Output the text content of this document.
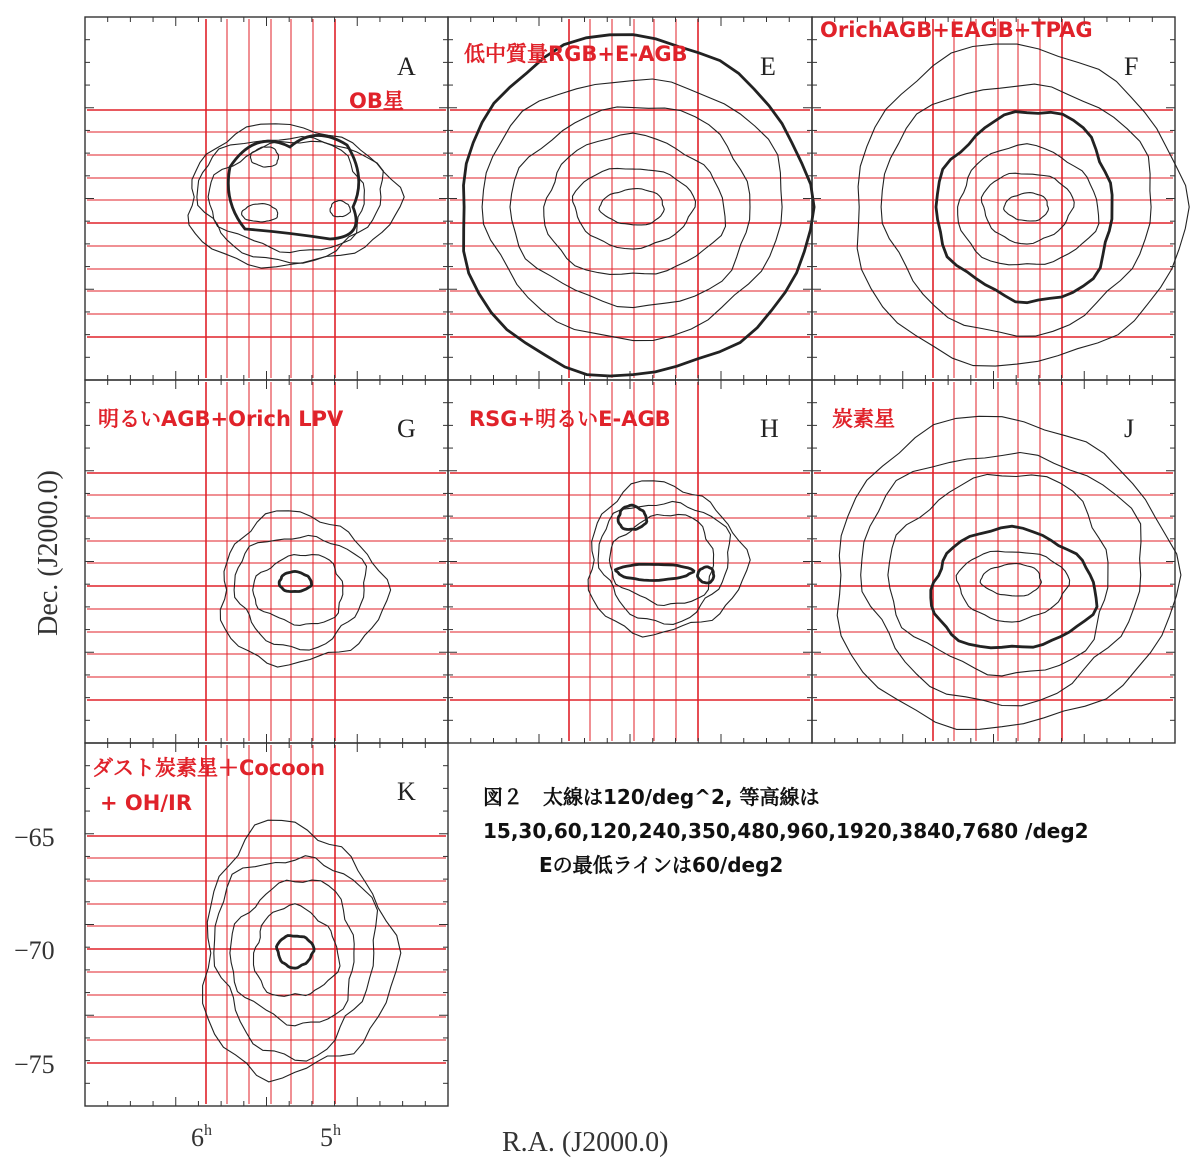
A	E	F
G	H	J
K
OB星
低中質量RGB+E-AGB
OrichAGB+EAGB+TPAG
明るいAGB+Orich LPV	RSG+明るいE-AGB	炭素星
ダスト炭素星＋Cocoon
+ OH/IR
−65
−70
−75
6$^h$	5$^h$	R.A. (J2000.0)
Dec. (J2000.0)
図２　太線は120/deg^2, 等高線は
15,30,60,120,240,350,480,960,1920,3840,7680 /deg2
Eの最低ラインは60/deg2
